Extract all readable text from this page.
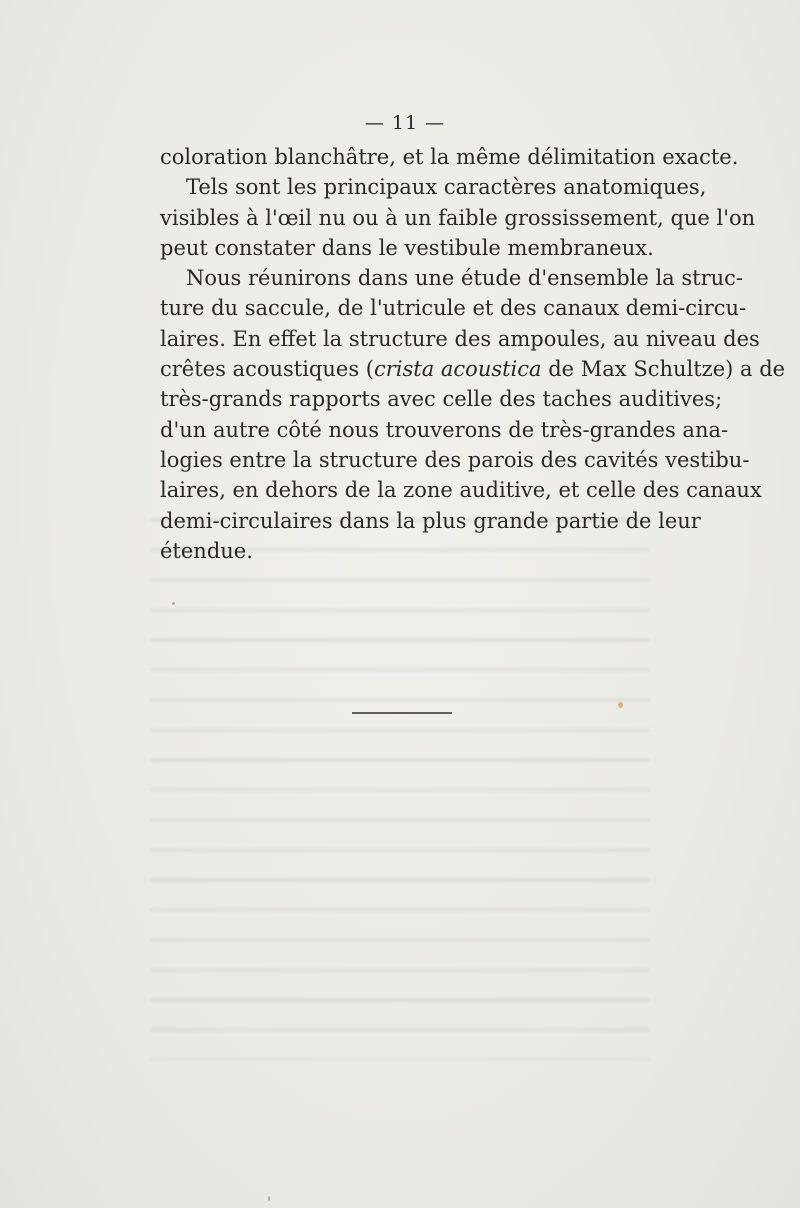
— 11 —
coloration blanchâtre, et la même délimitation exacte.
Tels sont les principaux caractères anatomiques,
visibles à l'œil nu ou à un faible grossissement, que l'on
peut constater dans le vestibule membraneux.
Nous réunirons dans une étude d'ensemble la struc-
ture du saccule, de l'utricule et des canaux demi-circu-
laires. En effet la structure des ampoules, au niveau des
crêtes acoustiques (crista acoustica de Max Schultze) a de
très-grands rapports avec celle des taches auditives;
d'un autre côté nous trouverons de très-grandes ana-
logies entre la structure des parois des cavités vestibu-
laires, en dehors de la zone auditive, et celle des canaux
demi-circulaires dans la plus grande partie de leur
étendue.
